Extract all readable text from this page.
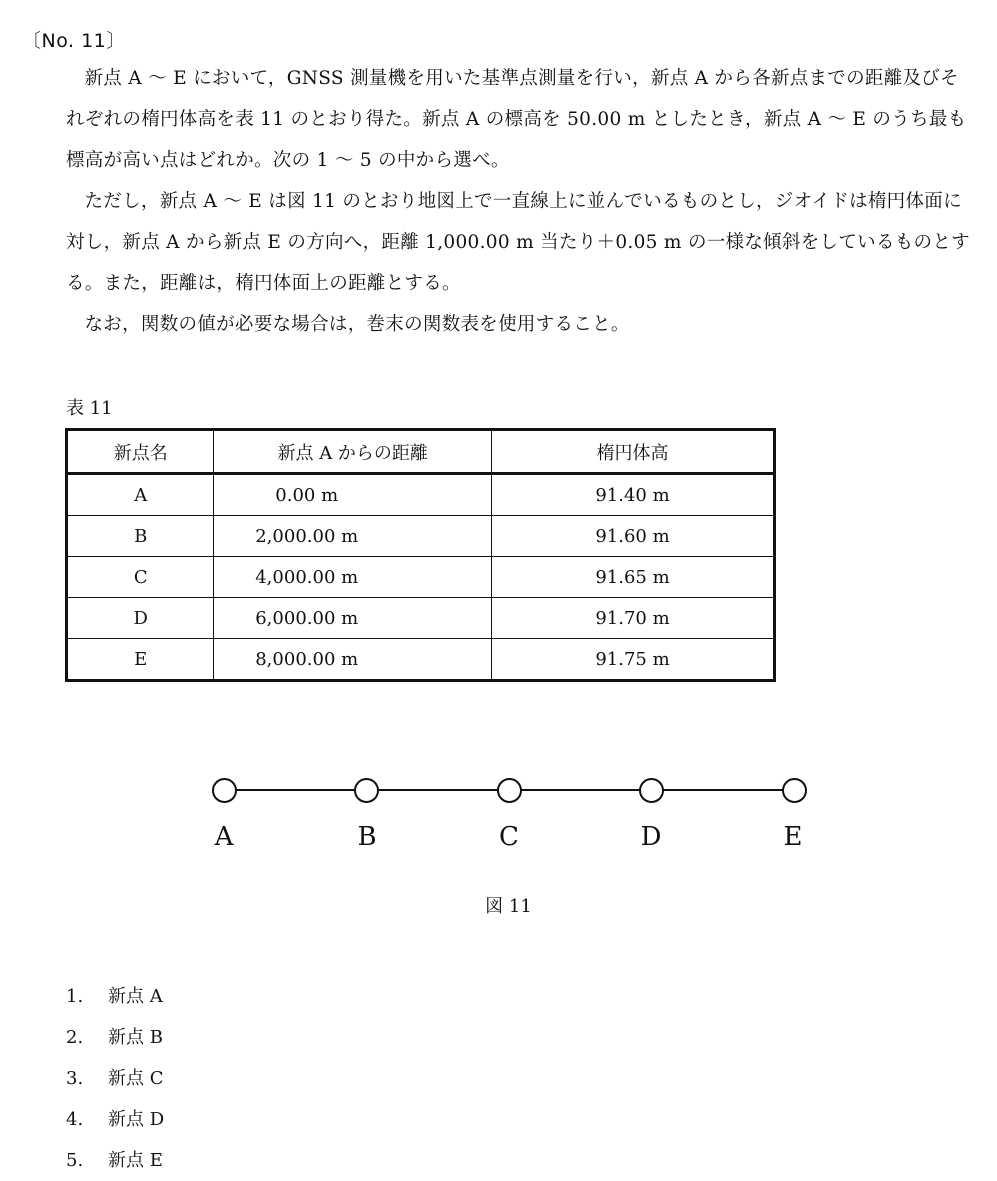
〔No. 11〕

新点 A ～ E において，GNSS 測量機を用いた基準点測量を行い，新点 A から各新点までの距離及びそれぞれの楕円体高を表 11 のとおり得た。新点 A の標高を 50.00 m としたとき，新点 A ～ E のうち最も標高が高い点はどれか。次の 1 ～ 5 の中から選べ。

ただし，新点 A ～ E は図 11 のとおり地図上で一直線上に並んでいるものとし，ジオイドは楕円体面に対し，新点 A から新点 E の方向へ，距離 1,000.00 m 当たり＋0.05 m の一様な傾斜をしているものとする。また，距離は，楕円体面上の距離とする。

なお，関数の値が必要な場合は，巻末の関数表を使用すること。

表 11
新点名	新点 A からの距離	楕円体高
A	0.00 m	91.40 m
B	2,000.00 m	91.60 m
C	4,000.00 m	91.65 m
D	6,000.00 m	91.70 m
E	8,000.00 m	91.75 m
A	B	C	D	E
図 11
1.	新点 A
2.	新点 B
3.	新点 C
4.	新点 D
5.	新点 E
